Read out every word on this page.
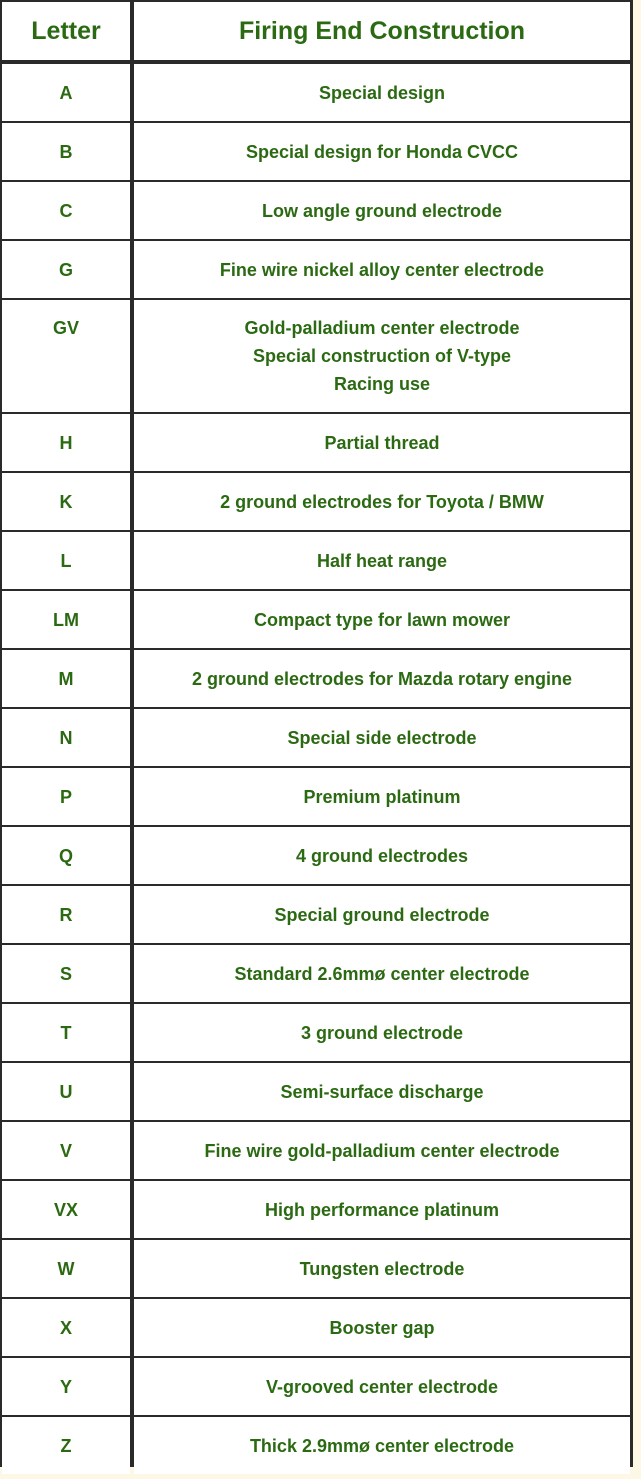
Letter	Firing End Construction
A	Special design
B	Special design for Honda CVCC
C	Low angle ground electrode
G	Fine wire nickel alloy center electrode
GV	Gold-palladium center electrode
Special construction of V-type
Racing use
H	Partial thread
K	2 ground electrodes for Toyota / BMW
L	Half heat range
LM	Compact type for lawn mower
M	2 ground electrodes for Mazda rotary engine
N	Special side electrode
P	Premium platinum
Q	4 ground electrodes
R	Special ground electrode
S	Standard 2.6mmø center electrode
T	3 ground electrode
U	Semi-surface discharge
V	Fine wire gold-palladium center electrode
VX	High performance platinum
W	Tungsten electrode
X	Booster gap
Y	V-grooved center electrode
Z	Thick 2.9mmø center electrode
